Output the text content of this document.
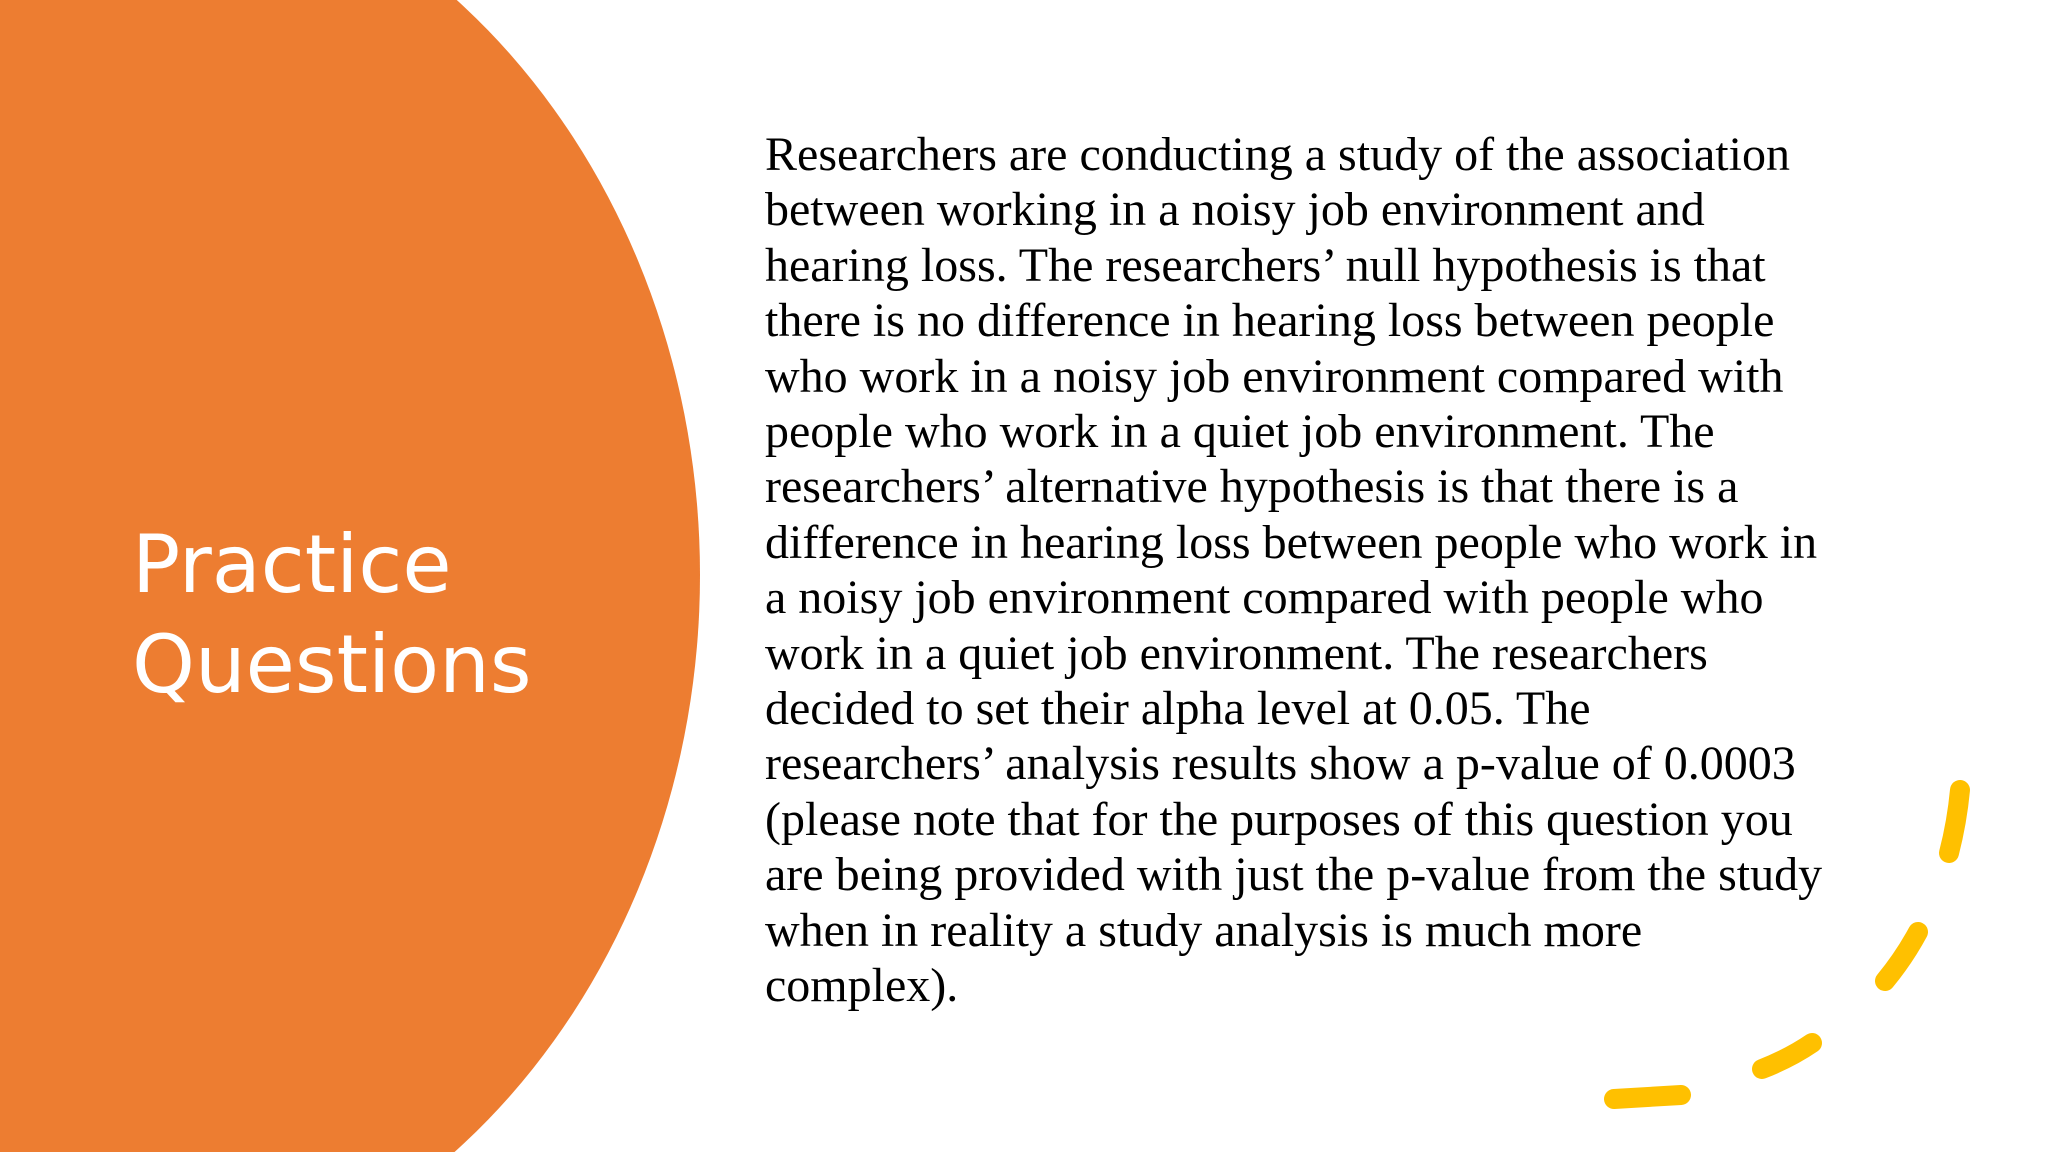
Practice
Questions
Researchers are conducting a study of the association
between working in a noisy job environment and
hearing loss. The researchers’ null hypothesis is that
there is no difference in hearing loss between people
who work in a noisy job environment compared with
people who work in a quiet job environment. The
researchers’ alternative hypothesis is that there is a
difference in hearing loss between people who work in
a noisy job environment compared with people who
work in a quiet job environment. The researchers
decided to set their alpha level at 0.05. The
researchers’ analysis results show a p-value of 0.0003
(please note that for the purposes of this question you
are being provided with just the p-value from the study
when in reality a study analysis is much more
complex).
